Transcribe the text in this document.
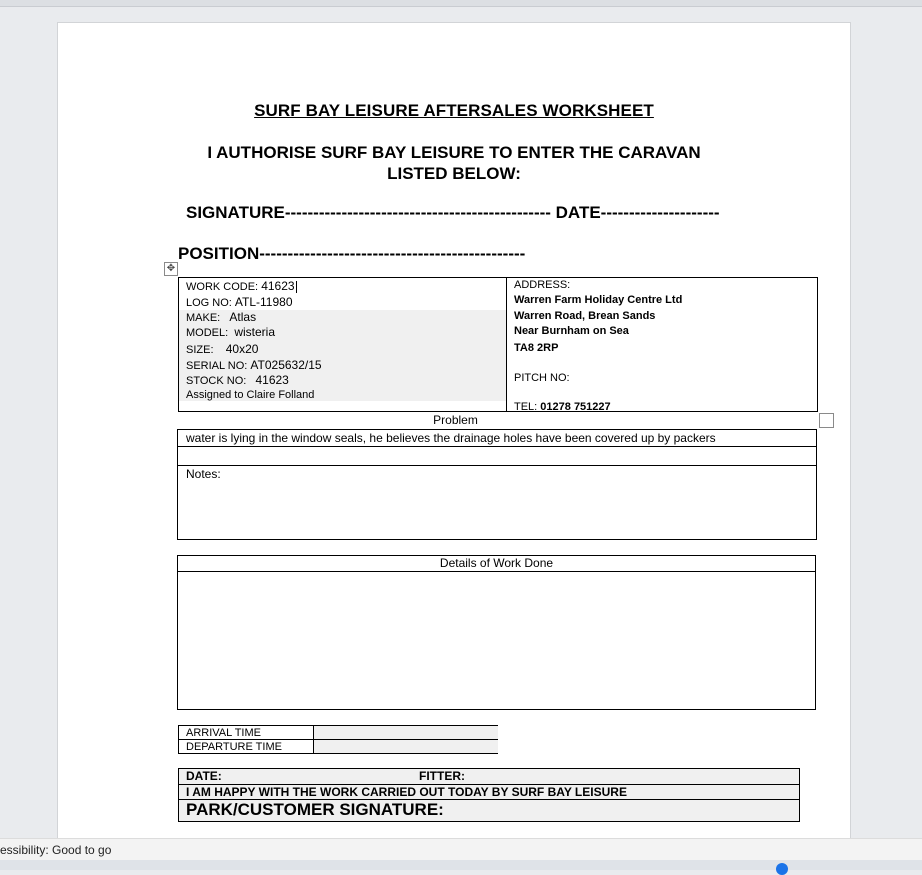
SURF BAY LEISURE AFTERSALES WORKSHEET
I AUTHORISE SURF BAY LEISURE TO ENTER THE CARAVAN
LISTED BELOW:
SIGNATURE----------------------------------------------- DATE---------------------
POSITION-----------------------------------------------
✥
WORK CODE: 41623
LOG NO: ATL-11980
MAKE: Atlas
MODEL: wisteria
SIZE: 40x20
SERIAL NO: AT025632/15
STOCK NO: 41623
Assigned to Claire Folland
ADDRESS:
Warren Farm Holiday Centre Ltd
Warren Road, Brean Sands
Near Burnham on Sea
TA8 2RP
PITCH NO:
TEL: 01278 751227
Problem
water is lying in the window seals, he believes the drainage holes have been covered up by packers
Notes:
Details of Work Done
ARRIVAL TIME
DEPARTURE TIME
DATE:	FITTER:
I AM HAPPY WITH THE WORK CARRIED OUT TODAY BY SURF BAY LEISURE
PARK/CUSTOMER SIGNATURE:
essibility: Good to go
